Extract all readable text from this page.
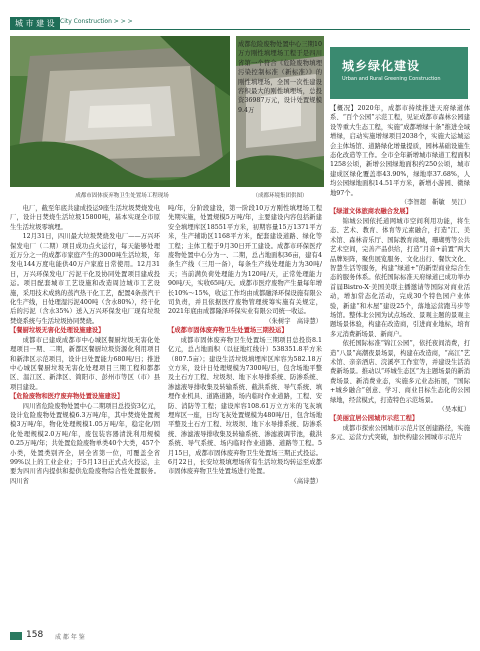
城 市 建 设 City Construction > > >
成都市固体废弃物卫生处置场工程现场	（成都环境集团供图）
城乡绿化建设
Urban and Rural Greening Construction

电厂，截至年底共建成投运9座生活垃圾焚烧发电厂，设计日焚烧生活垃圾15800吨，基本实现全市原生生活垃圾零填埋。

12月31日，四川最大垃圾焚烧发电厂——万兴环保发电厂（二期）项目成功点火运行，每天能够处理近万分之一的成都市家庭产生的3000吨生活垃圾，年发电144万度电能供40万户家庭日常使用。12月31日，万兴环保发电厂污泥干化及协同处置项目建成投运。项目配套城市工艺设施和改造周边城市工艺设施，采用技术成熟的蒸汽热干化工艺，配置4条蒸汽干化生产线，日处理湿污泥400吨（含水80%），经干化后的污泥（含水35%）送入万兴环保发电厂现有垃圾焚烧系统与生活垃圾协同焚烧。

【餐厨垃圾无害化处理设施建设】

成都市已建成成都市中心城区餐厨垃圾无害化处理项目一期、二期，新都区餐厨垃圾资源化利用项目和新津区示范项目，设计日处置能力680吨/日；推进中心城区餐厨垃圾无害化处理项目三期工程和都都区、温江区、新津区、简阳市、彭州市等区（市）县项目建设。

【危险废物和医疗废弃物处置设施建设】

四川省危险废物处置中心二期项目总投资3亿元，设计危险废物处置规模6.3万吨/年，其中焚烧处置规模3万吨/年，物化处理规模1.05万吨/年，稳定化/固化处理规模2.0万吨/年，废包装容器清洗利用规模0.25万吨/年；共处置危险废物单类40个大类，457个小类，处置类别齐全，居全省第一位，可覆盖全省99%以上的工业企业；于5月13日正式点火投运，主要为四川省内提供和提供危险废物综合性处置服务。四川省

成都危险废物处置中心三期10万方刚性填埋场工程于是四川省第一个符合《危险废物填埋污染控制标准（新标准）》的刚性填埋场，全国一次性建设容积最大的刚性填埋场，总投资36987万元，设计处置规模9.4万

吨/年，分阶段建设，第一阶段10万方刚性填埋场工程先期实施，处置规模5万吨/年，主要建设内容包括新建安全填埋库区18551平方米，初期容量15万1371平方米，生产辅助区1168平方米，配套建设道路、绿化等工程；主体工程于9月30日开工建设。成都市环保医疗废物处置中心分为一、二期，总占地面积36亩，建有4条生产线（三用一备），每条生产线处理能力为30吨/天；当前满负荷处理能力为120吨/天，正常处理能力90吨/天，实收65吨/天。成都市医疗废物产生量每年增长10%～15%，收运工作均由成都融泽环保设施有限公司负责，并且依据医疗废物管理统筹实施有关规定，2021年底由成都隆泽环保实业有限公司统一收运。

（朱树宇　高诗慧）

【成都市固体废弃物卫生处置场三期投运】

成都市固体废弃物卫生处置场三期项目总投资8.1亿元，总占地面积（以征地红线计）538351.8平方米（807.5亩）；建设生活垃圾填埋库区库容为582.18万立方米，设计日处理规模为7300吨/日，包含场地平整及土石方工程、垃圾坝、地下水导排系统、防渗系统、渗滤液导排收集及转输系统、截洪系统、导气系统、填埋作业机具、道路道路，场内临时作业道路，工程、安防、消防等工程；建设库容108.61万立方米的飞灰填埋库区一座，日均飞灰处置规模为480吨/日，包含场地平整及土石方工程、垃圾坝、地下水导排系统、防渗系统、渗滤液导排收集及转输系统、渗滤液调节池，截洪系统、导气系统、场内临时作业道路、道路等工程。5月15日，成都市固体废弃物卫生处置场三期正式投运。6月22日，长安垃圾填埋场所有生活垃圾均转运至成都市固体废弃物卫生处置场进行处置。

（高诗慧）

【概况】2020年，成都市持续推进天府绿道体系、“百个公园”示范工程，见证成都市森林公园建设等重大生态工程，实施“成都增绿十条”推进全域增绿，启动实施增绿项目2038个，实施大运城运会主体场馆、道路绿化增量提质，园林基础设施生态化改造等工作。全市全年新增城市绿道工程面积1258公顷，新增公园绿地面积约250公顷，城市建成区绿化覆盖率43.90%，绿地率37.68%，人均公园绿地面积14.51平方米，新增小游园、微绿地97个。

（李智超　靳敏　吴江）

【绿道文体旅商农融合发展】

锦城公园依托道网城市空间利用功能，将生态、艺术、教育、体育等元素融合，打造“江、美术馆、森林音乐厅、国际教育商城，珊瑚剪等公共艺术空间，完善产品供给，打造“月音+前置”两大品牌矩阵，聚焦展览服务、文化出行、餐饮文化、智慧生活等服务，构建“绿道+”的新型商业综合生态的服务体系。依托国际标准天府绿道已成功举办首届Bistro-X·美国美联主播邀请等国际对商业活动，增加常态化活动，完成30个特色园户业体验，新建“和木屋”建设25个，落地运营跑马步等场馆。整体北公园为试点场改、景观主题的景观主题场景体验，构建在改造商，引进商业地标，培育多元消费新场景、新商户。

依托国际标准“锦江公园”，依托夜间消费，打造“八景”高潮夜景场景，构建在改造商，“高江”艺术馆、亲亲酒店、浣溪亭工作室等，并建设生活消费新场景。推动以“环城生态区”为主题场景的新消费场景、新消费业态，实施多元业态拓展，“国际+城乡融合”创意、学习、商业目标生态化的公园绿地，经营模式，打造特色示范场景。

（吴本虹）

【美丽宜居公园城市示范工程】

成都市探索公园城市示范片区创建路径，实施多元、运营方式突破，加快构建公园城市示范片

158 成 都 年 鉴
